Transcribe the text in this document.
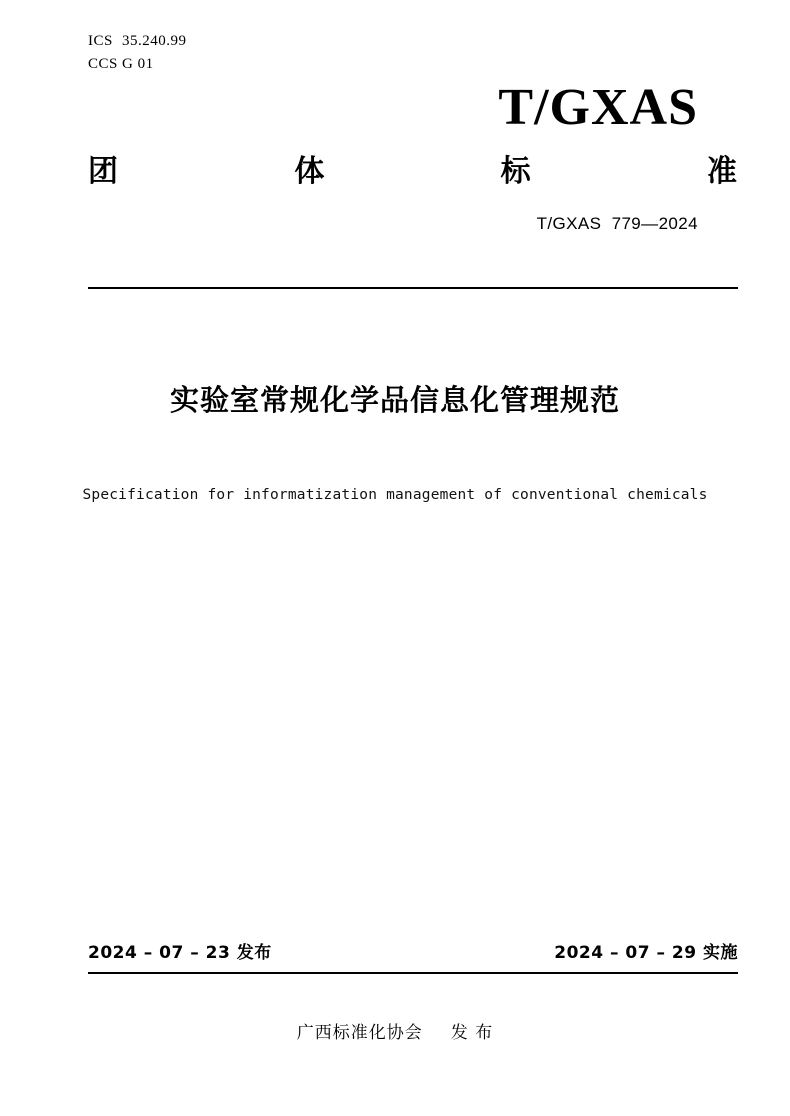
ICS 35.240.99
CCS G 01
T/GXAS
团	体	标	准
T/GXAS  779—2024
实验室常规化学品信息化管理规范
Specification for informatization management of conventional chemicals
2024 – 07 – 23 发布	2024 – 07 – 29 实施
广西标准化协会 发 布
